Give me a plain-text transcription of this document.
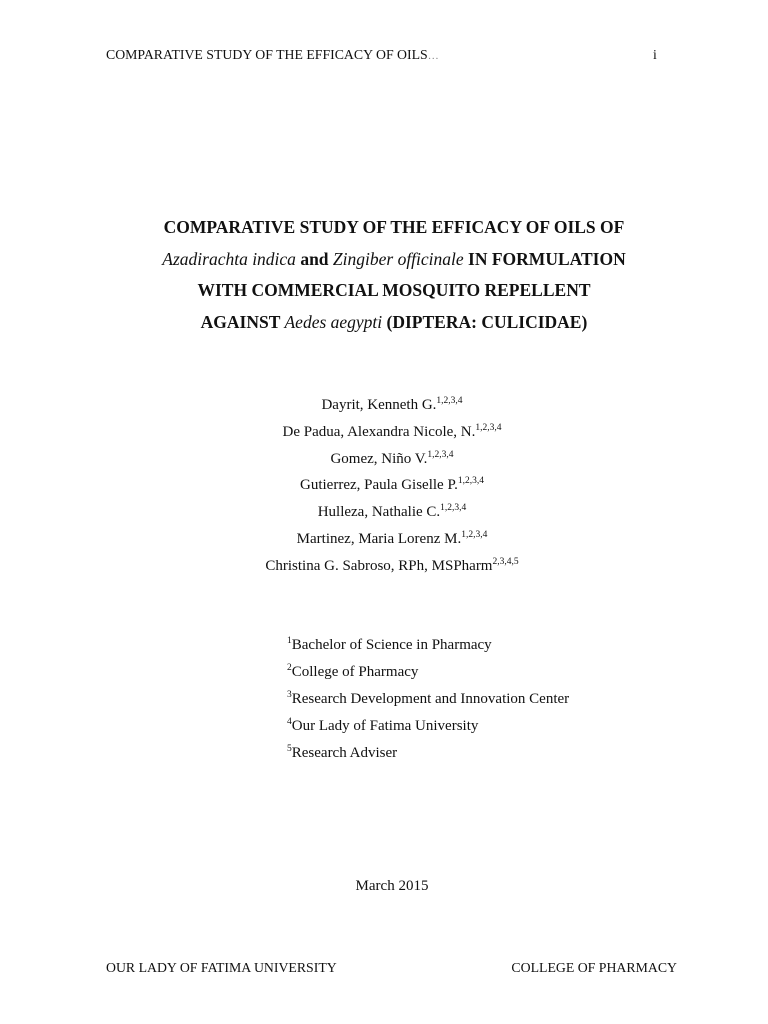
COMPARATIVE STUDY OF THE EFFICACY OF OILS…	i
COMPARATIVE STUDY OF THE EFFICACY OF OILS OF
Azadirachta indica and Zingiber officinale IN FORMULATION
WITH COMMERCIAL MOSQUITO REPELLENT
AGAINST Aedes aegypti (DIPTERA: CULICIDAE)
Dayrit, Kenneth G.$^{1,2,3,4}$
De Padua, Alexandra Nicole, N.$^{1,2,3,4}$
Gomez, Niño V.$^{1,2,3,4}$
Gutierrez, Paula Giselle P.$^{1,2,3,4}$
Hulleza, Nathalie C.$^{1,2,3,4}$
Martinez, Maria Lorenz M.$^{1,2,3,4}$
Christina G. Sabroso, RPh, MSPharm$^{2,3,4,5}$
$^1$Bachelor of Science in Pharmacy
$^2$College of Pharmacy
$^3$Research Development and Innovation Center
$^4$Our Lady of Fatima University
$^5$Research Adviser
March 2015
OUR LADY OF FATIMA UNIVERSITY	COLLEGE OF PHARMACY
